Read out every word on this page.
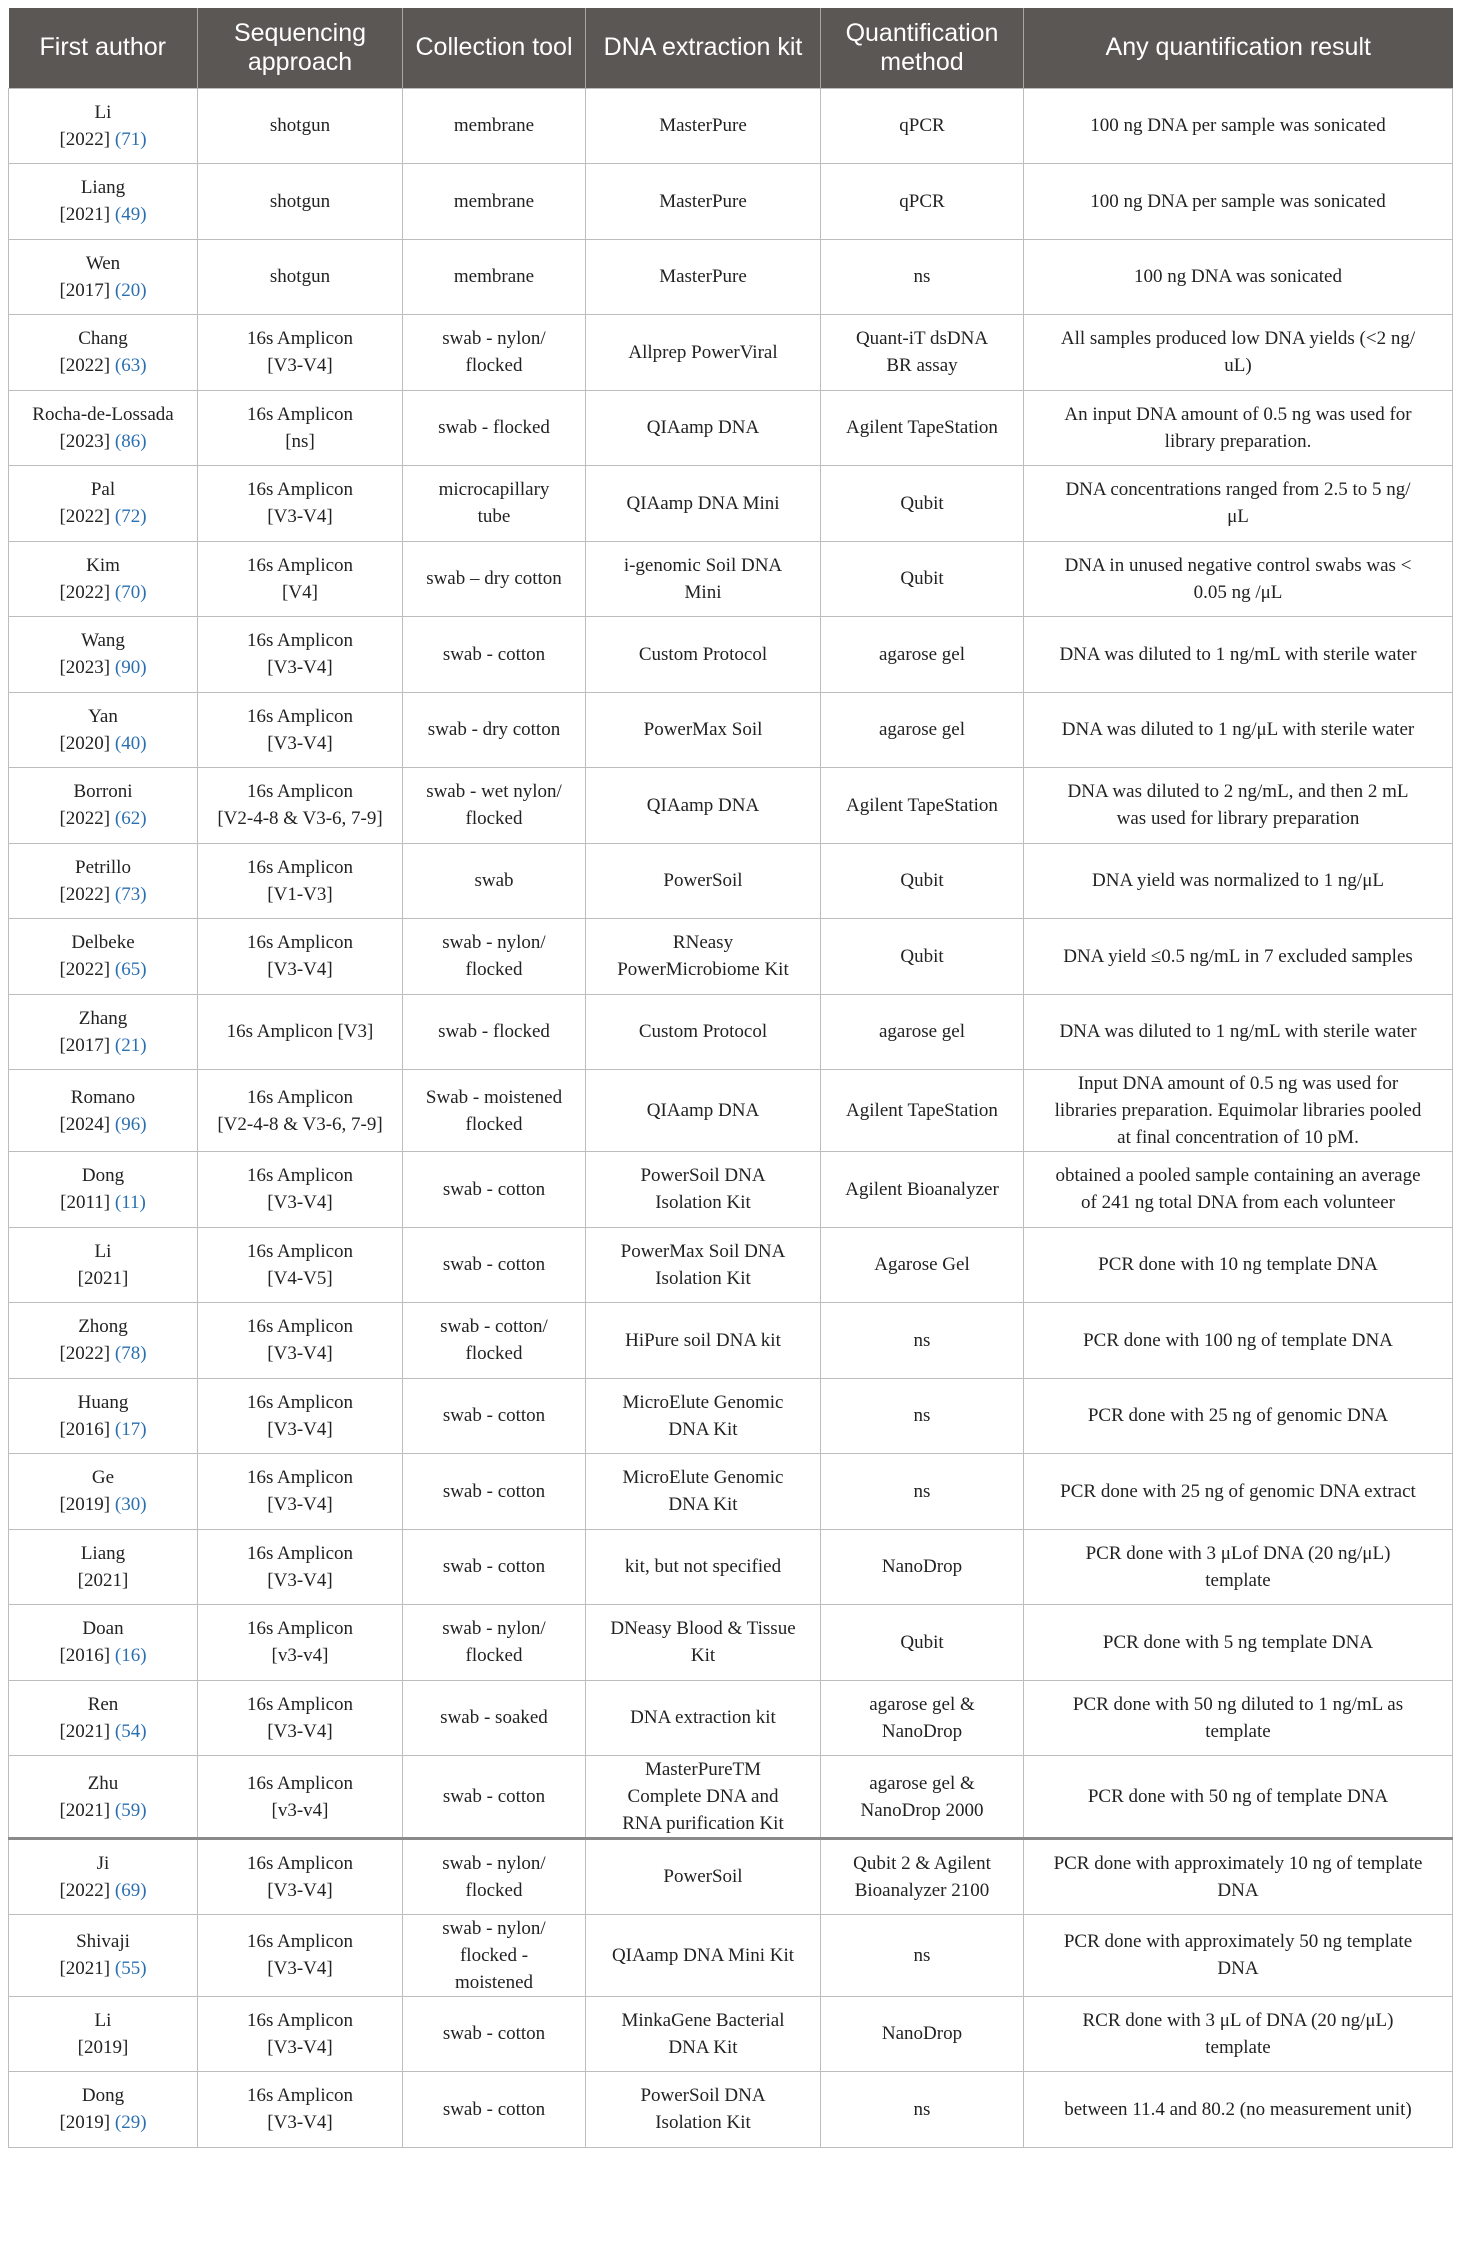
First author	Sequencing approach	Collection tool	DNA extraction kit	Quantification method	Any quantification result
Li
[2022] (71)	shotgun	membrane	MasterPure	qPCR	100 ng DNA per sample was sonicated

Liang
[2021] (49)	shotgun	membrane	MasterPure	qPCR	100 ng DNA per sample was sonicated

Wen
[2017] (20)	shotgun	membrane	MasterPure	ns	100 ng DNA was sonicated

Chang
[2022] (63)	16s Amplicon
[V3-V4]	swab - nylon/
flocked	Allprep PowerViral	Quant-iT dsDNA
BR assay	All samples produced low DNA yields (<2 ng/
uL)

Rocha-de-Lossada
[2023] (86)	16s Amplicon
[ns]	swab - flocked	QIAamp DNA	Agilent TapeStation	An input DNA amount of 0.5 ng was used for
library preparation.

Pal
[2022] (72)	16s Amplicon
[V3-V4]	microcapillary
tube	QIAamp DNA Mini	Qubit	DNA concentrations ranged from 2.5 to 5 ng/
μL

Kim
[2022] (70)	16s Amplicon
[V4]	swab – dry cotton	i-genomic Soil DNA
Mini	Qubit	DNA in unused negative control swabs was <
0.05 ng /μL

Wang
[2023] (90)	16s Amplicon
[V3-V4]	swab - cotton	Custom Protocol	agarose gel	DNA was diluted to 1 ng/mL with sterile water

Yan
[2020] (40)	16s Amplicon
[V3-V4]	swab - dry cotton	PowerMax Soil	agarose gel	DNA was diluted to 1 ng/μL with sterile water

Borroni
[2022] (62)	16s Amplicon
[V2-4-8 & V3-6, 7-9]	swab - wet nylon/
flocked	QIAamp DNA	Agilent TapeStation	DNA was diluted to 2 ng/mL, and then 2 mL
was used for library preparation

Petrillo
[2022] (73)	16s Amplicon
[V1-V3]	swab	PowerSoil	Qubit	DNA yield was normalized to 1 ng/μL

Delbeke
[2022] (65)	16s Amplicon
[V3-V4]	swab - nylon/
flocked	RNeasy
PowerMicrobiome Kit	Qubit	DNA yield ≤0.5 ng/mL in 7 excluded samples

Zhang
[2017] (21)	16s Amplicon [V3]	swab - flocked	Custom Protocol	agarose gel	DNA was diluted to 1 ng/mL with sterile water

Romano
[2024] (96)	16s Amplicon
[V2-4-8 & V3-6, 7-9]	Swab - moistened
flocked	QIAamp DNA	Agilent TapeStation	Input DNA amount of 0.5 ng was used for
libraries preparation. Equimolar libraries pooled
at final concentration of 10 pM.

Dong
[2011] (11)	16s Amplicon
[V3-V4]	swab - cotton	PowerSoil DNA
Isolation Kit	Agilent Bioanalyzer	obtained a pooled sample containing an average
of 241 ng total DNA from each volunteer

Li
[2021]	16s Amplicon
[V4-V5]	swab - cotton	PowerMax Soil DNA
Isolation Kit	Agarose Gel	PCR done with 10 ng template DNA

Zhong
[2022] (78)	16s Amplicon
[V3-V4]	swab - cotton/
flocked	HiPure soil DNA kit	ns	PCR done with 100 ng of template DNA

Huang
[2016] (17)	16s Amplicon
[V3-V4]	swab - cotton	MicroElute Genomic
DNA Kit	ns	PCR done with 25 ng of genomic DNA

Ge
[2019] (30)	16s Amplicon
[V3-V4]	swab - cotton	MicroElute Genomic
DNA Kit	ns	PCR done with 25 ng of genomic DNA extract

Liang
[2021]	16s Amplicon
[V3-V4]	swab - cotton	kit, but not specified	NanoDrop	PCR done with 3 μLof DNA (20 ng/μL)
template

Doan
[2016] (16)	16s Amplicon
[v3-v4]	swab - nylon/
flocked	DNeasy Blood & Tissue
Kit	Qubit	PCR done with 5 ng template DNA

Ren
[2021] (54)	16s Amplicon
[V3-V4]	swab - soaked	DNA extraction kit	agarose gel &
NanoDrop	PCR done with 50 ng diluted to 1 ng/mL as
template

Zhu
[2021] (59)	16s Amplicon
[v3-v4]	swab - cotton	MasterPureTM
Complete DNA and
RNA purification Kit	agarose gel &
NanoDrop 2000	PCR done with 50 ng of template DNA

Ji
[2022] (69)	16s Amplicon
[V3-V4]	swab - nylon/
flocked	PowerSoil	Qubit 2 & Agilent
Bioanalyzer 2100	PCR done with approximately 10 ng of template
DNA

Shivaji
[2021] (55)	16s Amplicon
[V3-V4]	swab - nylon/
flocked -
moistened	QIAamp DNA Mini Kit	ns	PCR done with approximately 50 ng template
DNA

Li
[2019]	16s Amplicon
[V3-V4]	swab - cotton	MinkaGene Bacterial
DNA Kit	NanoDrop	RCR done with 3 μL of DNA (20 ng/μL)
template

Dong
[2019] (29)	16s Amplicon
[V3-V4]	swab - cotton	PowerSoil DNA
Isolation Kit	ns	between 11.4 and 80.2 (no measurement unit)
